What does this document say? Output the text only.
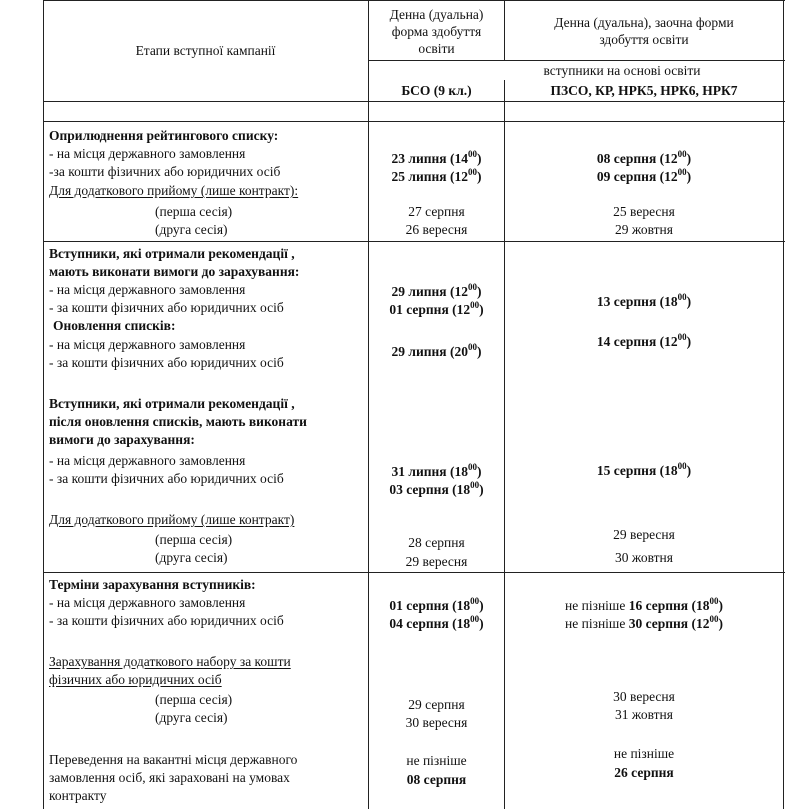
Етапи вступної кампанії
Денна (дуальна)
форма здобуття
освіти
Денна (дуальна), заочна форми
здобуття освіти
вступники на основі освіти
БСО (9 кл.)	ПЗСО, КР, НРК5, НРК6, НРК7
Оприлюднення рейтингового списку:
- на місця державного замовлення
-за кошти фізичних або юридичних осіб
Для додаткового прийому (лише контракт):
(перша сесія)
(друга сесія)
23 липня $(14^{00})$
25 липня $(12^{00})$
08 серпня $(12^{00})$
09 серпня $(12^{00})$
27 серпня
26 вересня
25 вересня
29 жовтня
Вступники, які отримали рекомендації ,
мають виконати вимоги до зарахування:
- на місця державного замовлення
- за кошти фізичних або юридичних осіб
Оновлення списків:
- на місця державного замовлення
- за кошти фізичних або юридичних осіб
Вступники, які отримали рекомендації ,
після оновлення списків, мають виконати
вимоги до зарахування:
- на місця державного замовлення
- за кошти фізичних або юридичних осіб
Для додаткового прийому (лише контракт)
(перша сесія)
(друга сесія)
29 липня $(12^{00})$
01 серпня $(12^{00})$
13 серпня $(18^{00})$
29 липня $(20^{00})$
14 серпня $(12^{00})$
31 липня $(18^{00})$
03 серпня $(18^{00})$
15 серпня $(18^{00})$
28 серпня
29 вересня
29 вересня
30 жовтня
Терміни зарахування вступників:
- на місця державного замовлення
- за кошти фізичних або юридичних осіб
Зарахування додаткового набору за кошти
фізичних або юридичних осіб
(перша сесія)
(друга сесія)
Переведення на вакантні місця державного
замовлення осіб, які зараховані на умовах
контракту
01 серпня $(18^{00})$
04 серпня $(18^{00})$
не пізніше 16 серпня $(18^{00})$
не пізніше 30 серпня $(12^{00})$
29 серпня
30 вересня
30 вересня
31 жовтня
не пізніше
08 серпня
не пізніше
26 серпня
